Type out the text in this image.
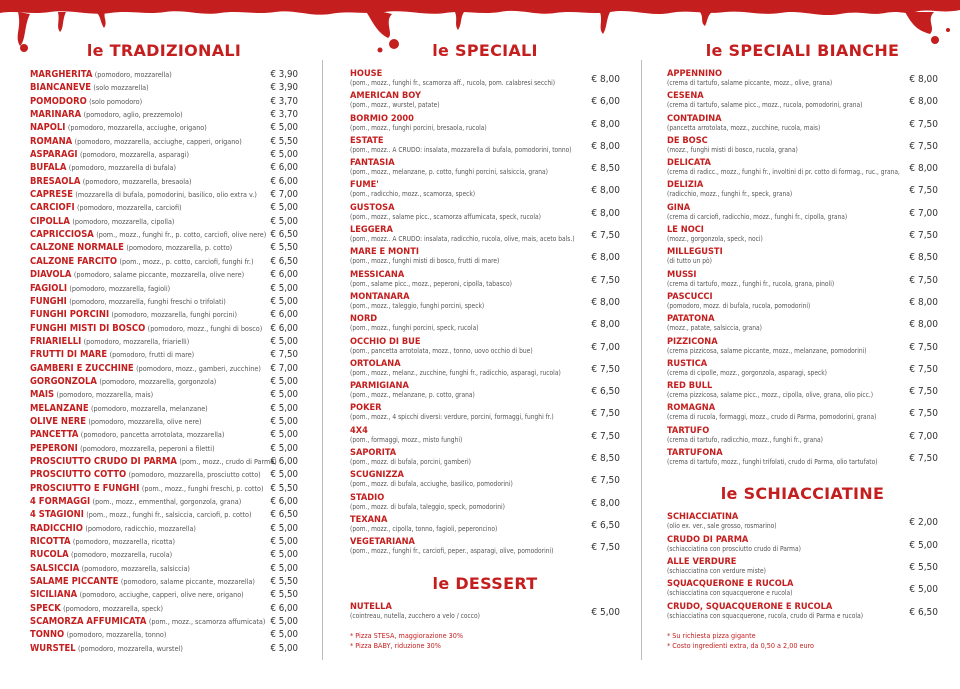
le TRADIZIONALI
MARGHERITA (pomodoro, mozzarella)	€ 3,90
BIANCANEVE (solo mozzarella)	€ 3,90
POMODORO (solo pomodoro)	€ 3,70
MARINARA (pomodoro, aglio, prezzemolo)	€ 3,70
NAPOLI (pomodoro, mozzarella, acciughe, origano)	€ 5,00
ROMANA (pomodoro, mozzarella, acciughe, capperi, origano)	€ 5,50
ASPARAGI (pomodoro, mozzarella, asparagi)	€ 5,00
BUFALA (pomodoro, mozzarella di bufala)	€ 6,00
BRESAOLA (pomodoro, mozzarella, bresaola)	€ 6,00
CAPRESE (mozzarella di bufala, pomodorini, basilico, olio extra v.) € 7,00
CARCIOFI (pomodoro, mozzarella, carciofi)	€ 5,00
CIPOLLA (pomodoro, mozzarella, cipolla)	€ 5,00
CAPRICCIOSA (pom., mozz., funghi fr., p. cotto, carciofi, olive nere) € 6,50
CALZONE NORMALE (pomodoro, mozzarella, p. cotto)	€ 5,50
CALZONE FARCITO (pom., mozz., p. cotto, carciofi, funghi fr.) € 6,50
DIAVOLA (pomodoro, salame piccante, mozzarella, olive nere)	€ 6,00
FAGIOLI (pomodoro, mozzarella, fagioli)	€ 5,00
FUNGHI (pomodoro, mozzarella, funghi freschi o trifolati)	€ 5,00
FUNGHI PORCINI (pomodoro, mozzarella, funghi porcini)	€ 6,00
FUNGHI MISTI DI BOSCO (pomodoro, mozz., funghi di bosco) € 6,00
FRIARIELLI (pomodoro, mozzarella, friarielli)	€ 5,00
FRUTTI DI MARE (pomodoro, frutti di mare)	€ 7,50
GAMBERI E ZUCCHINE (pomodoro, mozz., gamberi, zucchine) € 7,00
GORGONZOLA (pomodoro, mozzarella, gorgonzola)	€ 5,00
MAIS (pomodoro, mozzarella, mais)	€ 5,00
MELANZANE (pomodoro, mozzarella, melanzane)	€ 5,00
OLIVE NERE (pomodoro, mozzarella, olive nere)	€ 5,00
PANCETTA (pomodoro, pancetta arrotolata, mozzarella)	€ 5,00
PEPERONI (pomodoro, mozzarella, peperoni a filetti)	€ 5,00
PROSCIUTTO CRUDO DI PARMA (pom., mozz., crudo di Parma)
€ 6,00
PROSCIUTTO COTTO (pomodoro, mozzarella, prosciutto cotto) € 5,00
PROSCIUTTO E FUNGHI (pom., mozz., funghi freschi, p. cotto) € 5,50
4 FORMAGGI (pom., mozz., emmenthal, gorgonzola, grana)	€ 6,00
4 STAGIONI (pom., mozz., funghi fr., salsiccia, carciofi, p. cotto) € 6,50
RADICCHIO (pomodoro, radicchio, mozzarella)	€ 5,00
RICOTTA (pomodoro, mozzarella, ricotta)	€ 5,00
RUCOLA (pomodoro, mozzarella, rucola)	€ 5,00
SALSICCIA (pomodoro, mozzarella, salsiccia)	€ 5,00
SALAME PICCANTE (pomodoro, salame piccante, mozzarella) € 5,50
SICILIANA (pomodoro, acciughe, capperi, olive nere, origano)	€ 5,50
SPECK (pomodoro, mozzarella, speck)	€ 6,00
SCAMORZA AFFUMICATA (pom., mozz., scamorza affumicata) € 5,00
TONNO (pomodoro, mozzarella, tonno)	€ 5,00
WURSTEL (pomodoro, mozzarella, wurstel)	€ 5,00
le SPECIALI
HOUSE
(pom., mozz., funghi fr., scamorza aff., rucola, pom. calabresi secchi)	€ 8,00
AMERICAN BOY
(pom., mozz., wurstel, patate)	€ 6,00
BORMIO 2000
(pom., mozz., funghi porcini, bresaola, rucola)	€ 8,00
ESTATE
(pom., mozz.. A CRUDO: insalata, mozzarella di bufala, pomodorini, tonno)	€ 8,00
FANTASIA
(pom., mozz., melanzane, p. cotto, funghi porcini, salsiccia, grana)	€ 8,50
FUME'
(pom., radicchio, mozz., scamorza, speck)	€ 8,00
GUSTOSA
(pom., mozz., salame picc., scamorza affumicata, speck, rucola)	€ 8,00
LEGGERA
(pom., mozz.. A CRUDO: insalata, radicchio, rucola, olive, mais, aceto bals.)	€ 7,50
MARE E MONTI
(pom., mozz., funghi misti di bosco, frutti di mare)	€ 8,00
MESSICANA
(pom., salame picc., mozz., peperoni, cipolla, tabasco)	€ 7,50
MONTANARA
(pom., mozz., taleggio, funghi porcini, speck)	€ 8,00
NORD
(pom., mozz., funghi porcini, speck, rucola)	€ 8,00
OCCHIO DI BUE
(pom., pancetta arrotolata, mozz., tonno, uovo occhio di bue)	€ 7,00
ORTOLANA
(pom., mozz., melanz., zucchine, funghi fr., radicchio, asparagi, rucola)	€ 7,50
PARMIGIANA
(pom., mozz., melanzane, p. cotto, grana)	€ 6,50
POKER
(pom., mozz., 4 spicchi diversi: verdure, porcini, formaggi, funghi fr.)	€ 7,50
4X4
(pom., formaggi, mozz., misto funghi)	€ 7,50
SAPORITA
(pom., mozz. di bufala, porcini, gamberi)	€ 8,50
SCUGNIZZA
(pom., mozz. di bufala, acciughe, basilico, pomodorini)	€ 7,50
STADIO
(pom., mozz. di bufala, taleggio, speck, pomodorini)	€ 8,00
TEXANA
(pom., mozz., cipolla, tonno, fagioli, peperoncino)	€ 6,50
VEGETARIANA
(pom., mozz., funghi fr., carciofi, peper., asparagi, olive, pomodorini)	€ 7,50
le DESSERT
NUTELLA
(cointreau, nutella, zucchero a velo / cocco)	€ 5,00
* Pizza STESA, maggiorazione 30%
* Pizza BABY, riduzione 30%
le SPECIALI BIANCHE
APPENNINO
(crema di tartufo, salame piccante, mozz., olive, grana)	€ 8,00
CESENA
(crema di tartufo, salame picc., mozz., rucola, pomodorini, grana)	€ 8,00
CONTADINA
(pancetta arrotolata, mozz., zucchine, rucola, mais)	€ 7,50
DE BOSC
(mozz., funghi misti di bosco, rucola, grana)	€ 7,50
DELICATA
(crema di radicc., mozz., funghi fr., involtini di pr. cotto di formag., ruc., grana, € 8,00
DELIZIA
(radicchio, mozz., funghi fr., speck, grana)	€ 7,50
GINA
(crema di carciofi, radicchio, mozz., funghi fr., cipolla, grana)	€ 7,00
LE NOCI
(mozz., gorgonzola, speck, noci)	€ 7,50
MILLEGUSTI
(di tutto un pò)	€ 8,50
MUSSI
(crema di tartufo, mozz., funghi fr., rucola, grana, pinoli)	€ 7,50
PASCUCCI
(pomodoro, mozz. di bufala, rucola, pomodorini)	€ 8,00
PATATONA
(mozz., patate, salsiccia, grana)	€ 8,00
PIZZICONA
(crema pizzicosa, salame piccante, mozz., melanzane, pomodorini)	€ 7,50
RUSTICA
(crema di cipolle, mozz., gorgonzola, asparagi, speck)	€ 7,50
RED BULL
(crema pizzicosa, salame picc., mozz., cipolla, olive, grana, olio picc.)	€ 7,50
ROMAGNA
(crema di rucola, formaggi, mozz., crudo di Parma, pomodorini, grana)	€ 7,50
TARTUFO
(crema di tartufo, radicchio, mozz., funghi fr., grana)	€ 7,00
TARTUFONA
(crema di tartufo, mozz., funghi trifolati, crudo di Parma, olio tartufato)	€ 7,50
le SCHIACCIATINE
SCHIACCIATINA
(olio ex. ver., sale grosso, rosmarino)	€ 2,00
CRUDO DI PARMA
(schiacciatina con prosciutto crudo di Parma)	€ 5,00
ALLE VERDURE
(schiacciatina con verdure miste)	€ 5,50
SQUACQUERONE E RUCOLA
(schiacciatina con squacquerone e rucola)	€ 5,00
CRUDO, SQUACQUERONE E RUCOLA
(schiacciatina con squacquerone, rucola, crudo di Parma e rucola)	€ 6,50
* Su richiesta pizza gigante
* Costo ingredienti extra, da 0,50 a 2,00 euro
